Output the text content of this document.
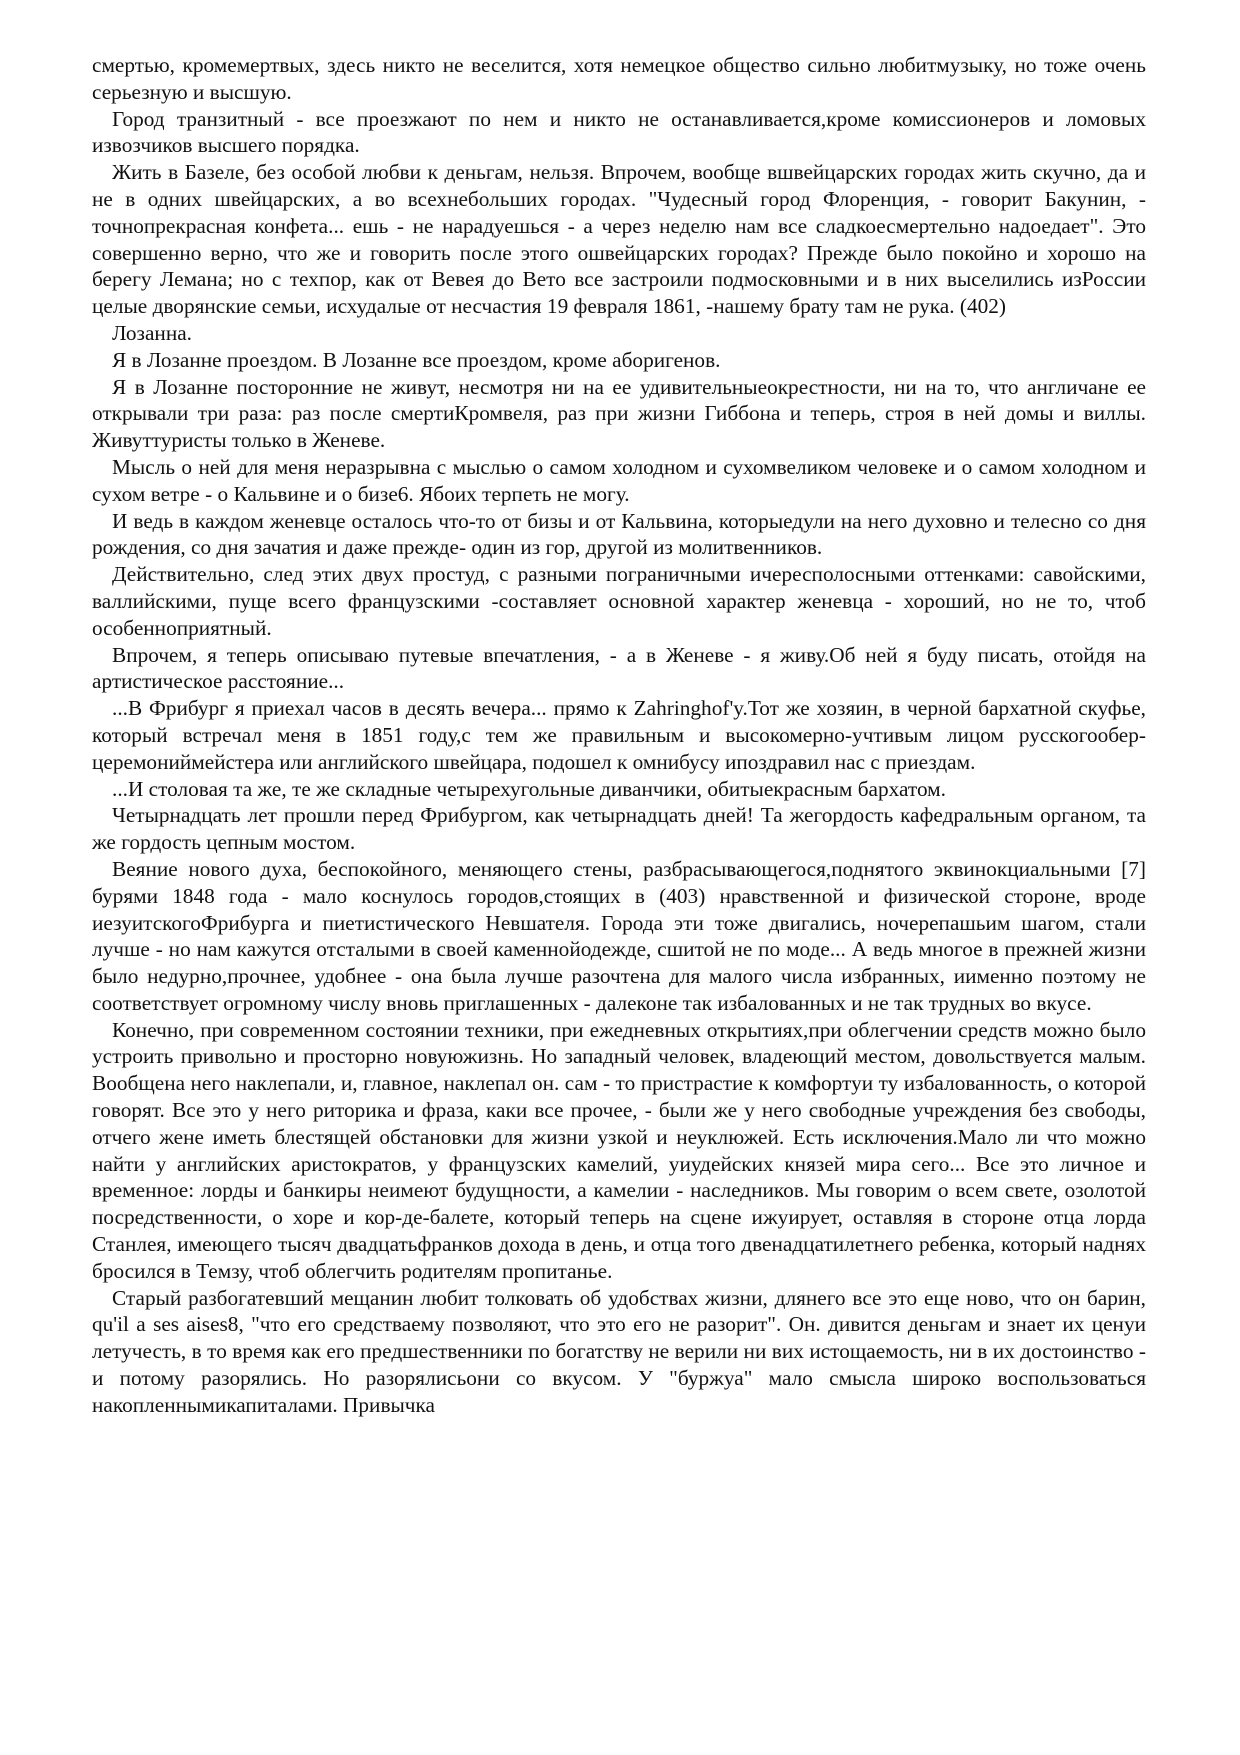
смертью, кромемертвых, здесь никто не веселится, хотя немецкое общество сильно любитмузыку, но тоже очень серьезную и высшую.

Город транзитный - все проезжают по нем и никто не останавливается,кроме комиссионеров и ломовых извозчиков высшего порядка.

Жить в Базеле, без особой любви к деньгам, нельзя. Впрочем, вообще вшвейцарских городах жить скучно, да и не в одних швейцарских, а во всехнебольших городах. "Чудесный город Флоренция, - говорит Бакунин, - точнопрекрасная конфета... ешь - не нарадуешься - а через неделю нам все сладкоесмертельно надоедает". Это совершенно верно, что же и говорить после этого ошвейцарских городах? Прежде было покойно и хорошо на берегу Лемана; но с техпор, как от Вевея до Вето все застроили подмосковными и в них выселились изРоссии целые дворянские семьи, исхудалые от несчастия 19 февраля 1861, -нашему брату там не рука. (402)

Лозанна.

Я в Лозанне проездом. В Лозанне все проездом, кроме аборигенов.

Я в Лозанне посторонние не живут, несмотря ни на ее удивительныеокрестности, ни на то, что англичане ее открывали три раза: раз после смертиКромвеля, раз при жизни Гиббона и теперь, строя в ней домы и виллы. Живуттуристы только в Женеве.

Мысль о ней для меня неразрывна с мыслью о самом холодном и сухомвеликом человеке и о самом холодном и сухом ветре - о Кальвине и о бизе6. Ябоих терпеть не могу.

И ведь в каждом женевце осталось что-то от бизы и от Кальвина, которыедули на него духовно и телесно со дня рождения, со дня зачатия и даже прежде- один из гор, другой из молитвенников.

Действительно, след этих двух простуд, с разными пограничными ичересполосными оттенками: савойскими, валлийскими, пуще всего французскими -составляет основной характер женевца - хороший, но не то, чтоб особенноприятный.

Впрочем, я теперь описываю путевые впечатления, - а в Женеве - я живу.Об ней я буду писать, отойдя на артистическое расстояние...

...В Фрибург я приехал часов в десять вечера... прямо к Zahringhof'y.Тот же хозяин, в черной бархатной скуфье, который встречал меня в 1851 году,с тем же правильным и высокомерно-учтивым лицом русскогообер-церемониймейстера или английского швейцара, подошел к омнибусу ипоздравил нас с приездам.

...И столовая та же, те же складные четырехугольные диванчики, обитыекрасным бархатом.

Четырнадцать лет прошли перед Фрибургом, как четырнадцать дней! Та жегордость кафедральным органом, та же гордость цепным мостом.

Веяние нового духа, беспокойного, меняющего стены, разбрасывающегося,поднятого эквинокциальными [7] бурями 1848 года - мало коснулось городов,стоящих в (403) нравственной и физической стороне, вроде иезуитскогоФрибурга и пиетистического Невшателя. Города эти тоже двигались, ночерепашьим шагом, стали лучше - но нам кажутся отсталыми в своей каменнойодежде, сшитой не по моде... А ведь многое в прежней жизни было недурно,прочнее, удобнее - она была лучше разочтена для малого числа избранных, иименно поэтому не соответствует огромному числу вновь приглашенных - далеконе так избалованных и не так трудных во вкусе.

Конечно, при современном состоянии техники, при ежедневных открытиях,при облегчении средств можно было устроить привольно и просторно новуюжизнь. Но западный человек, владеющий местом, довольствуется малым. Вообщена него наклепали, и, главное, наклепал он. сам - то пристрастие к комфортуи ту избалованность, о которой говорят. Все это у него риторика и фраза, каки все прочее, - были же у него свободные учреждения без свободы, отчего жене иметь блестящей обстановки для жизни узкой и неуклюжей. Есть исключения.Мало ли что можно найти у английских аристократов, у французских камелий, уиудейских князей мира сего... Все это личное и временное: лорды и банкиры неимеют будущности, а камелии - наследников. Мы говорим о всем свете, озолотой посредственности, о хоре и кор-де-балете, который теперь на сцене ижуирует, оставляя в стороне отца лорда Станлея, имеющего тысяч двадцатьфранков дохода в день, и отца того двенадцатилетнего ребенка, который наднях бросился в Темзу, чтоб облегчить родителям пропитанье.

Старый разбогатевший мещанин любит толковать об удобствах жизни, длянего все это еще ново, что он барин, qu'il a ses aises8, "что его средстваему позволяют, что это его не разорит". Он. дивится деньгам и знает их ценуи летучесть, в то время как его предшественники по богатству не верили ни вих истощаемость, ни в их достоинство - и потому разорялись. Но разорялисьони со вкусом. У "буржуа" мало смысла широко воспользоваться накопленнымикапиталами. Привычка
